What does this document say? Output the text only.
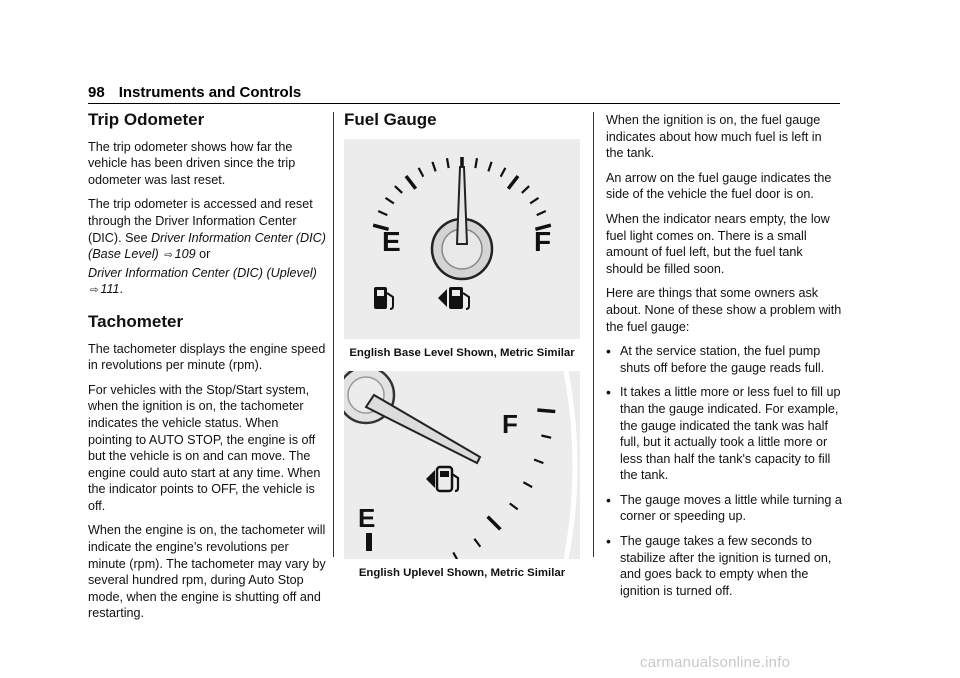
98 Instruments and Controls
Trip Odometer

The trip odometer shows how far the vehicle has been driven since the trip odometer was last reset.

The trip odometer is accessed and reset through the Driver Information Center (DIC). See Driver Information Center (DIC) (Base Level) ⇨ 109 or
Driver Information Center (DIC) (Uplevel)
⇨ 111.

Tachometer

The tachometer displays the engine speed in revolutions per minute (rpm).

For vehicles with the Stop/Start system, when the ignition is on, the tachometer indicates the vehicle status. When pointing to AUTO STOP, the engine is off but the vehicle is on and can move. The engine could auto start at any time. When the indicator points to OFF, the vehicle is off.

When the engine is on, the tachometer will indicate the engine’s revolutions per minute (rpm). The tachometer may vary by several hundred rpm, during Auto Stop mode, when the engine is shutting off and restarting.

Fuel Gauge
E	F
English Base Level Shown, Metric Similar
F
E
English Uplevel Shown, Metric Similar

When the ignition is on, the fuel gauge indicates about how much fuel is left in the tank.

An arrow on the fuel gauge indicates the side of the vehicle the fuel door is on.

When the indicator nears empty, the low fuel light comes on. There is a small amount of fuel left, but the fuel tank should be filled soon.

Here are things that some owners ask about. None of these show a problem with the fuel gauge:

• At the service station, the fuel pump shuts off before the gauge reads full.
• It takes a little more or less fuel to fill up than the gauge indicated. For example, the gauge indicated the tank was half full, but it actually took a little more or less than half the tank's capacity to fill the tank.
• The gauge moves a little while turning a corner or speeding up.
• The gauge takes a few seconds to stabilize after the ignition is turned on, and goes back to empty when the ignition is turned off.
carmanualsonline.info
